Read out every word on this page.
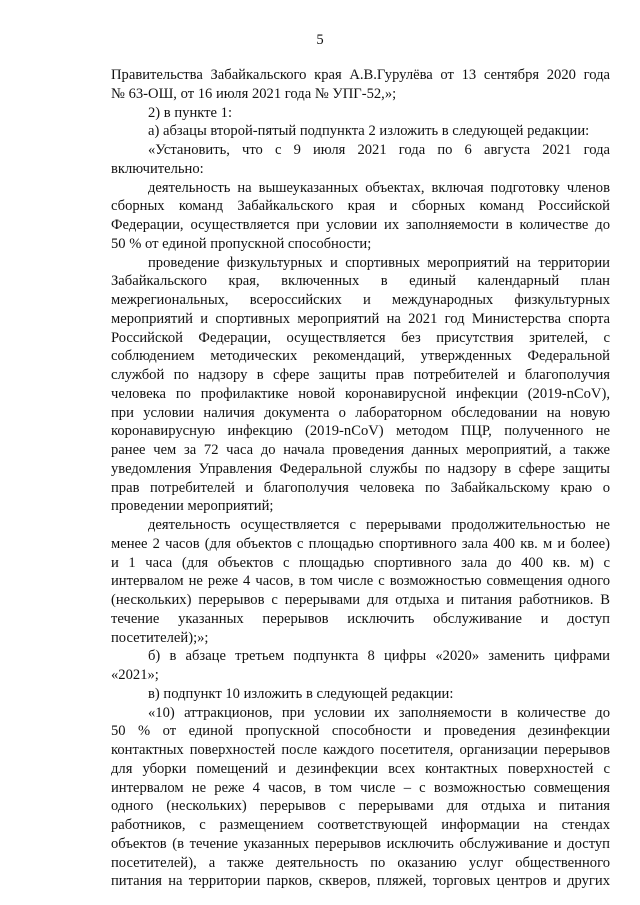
5
Правительства Забайкальского края А.В.Гурулёва от 13 сентября 2020 года
№ 63-ОШ, от 16 июля 2021 года № УПГ-52,»;
2) в пункте 1:
а) абзацы второй-пятый подпункта 2 изложить в следующей редакции:
«Установить, что с 9 июля 2021 года по 6 августа 2021 года
включительно:
деятельность на вышеуказанных объектах, включая подготовку членов
сборных команд Забайкальского края и сборных команд Российской
Федерации, осуществляется при условии их заполняемости в количестве до
50 % от единой пропускной способности;
проведение физкультурных и спортивных мероприятий на территории
Забайкальского края, включенных в единый календарный план
межрегиональных, всероссийских и международных физкультурных
мероприятий и спортивных мероприятий на 2021 год Министерства спорта
Российской Федерации, осуществляется без присутствия зрителей, с
соблюдением методических рекомендаций, утвержденных Федеральной
службой по надзору в сфере защиты прав потребителей и благополучия
человека по профилактике новой коронавирусной инфекции (2019-nCoV),
при условии наличия документа о лабораторном обследовании на новую
коронавирусную инфекцию (2019-nCoV) методом ПЦР, полученного не
ранее чем за 72 часа до начала проведения данных мероприятий, а также
уведомления Управления Федеральной службы по надзору в сфере защиты
прав потребителей и благополучия человека по Забайкальскому краю о
проведении мероприятий;
деятельность осуществляется с перерывами продолжительностью не
менее 2 часов (для объектов с площадью спортивного зала 400 кв. м и более)
и 1 часа (для объектов с площадью спортивного зала до 400 кв. м) с
интервалом не реже 4 часов, в том числе с возможностью совмещения одного
(нескольких) перерывов с перерывами для отдыха и питания работников. В
течение указанных перерывов исключить обслуживание и доступ
посетителей);»;
б) в абзаце третьем подпункта 8 цифры «2020» заменить цифрами
«2021»;
в) подпункт 10 изложить в следующей редакции:
«10) аттракционов, при условии их заполняемости в количестве до
50 % от единой пропускной способности и проведения дезинфекции
контактных поверхностей после каждого посетителя, организации перерывов
для уборки помещений и дезинфекции всех контактных поверхностей с
интервалом не реже 4 часов, в том числе – с возможностью совмещения
одного (нескольких) перерывов с перерывами для отдыха и питания
работников, с размещением соответствующей информации на стендах
объектов (в течение указанных перерывов исключить обслуживание и доступ
посетителей), а также деятельность по оказанию услуг общественного
питания на территории парков, скверов, пляжей, торговых центров и других
